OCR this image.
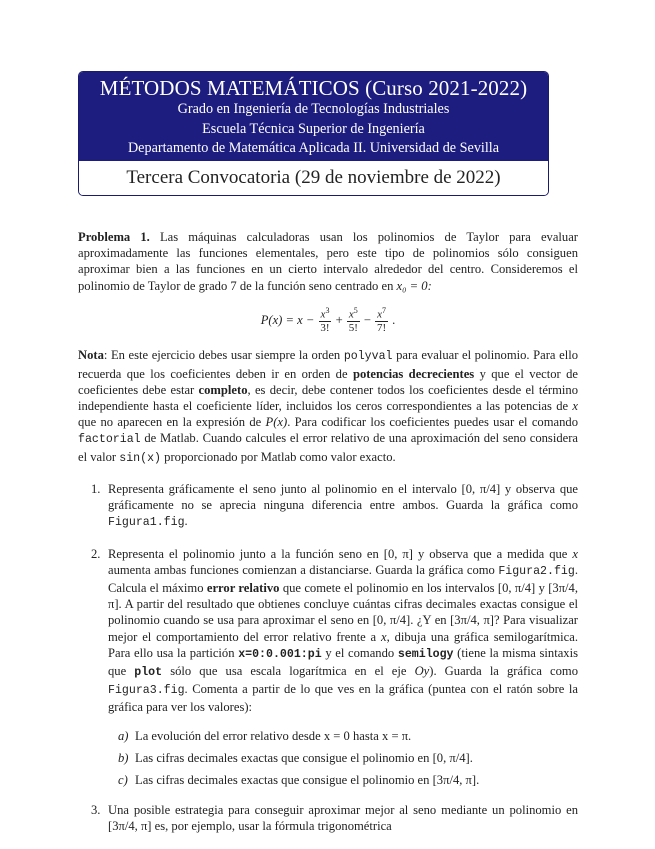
MÉTODOS MATEMÁTICOS (Curso 2021-2022)
Grado en Ingeniería de Tecnologías Industriales
Escuela Técnica Superior de Ingeniería
Departamento de Matemática Aplicada II. Universidad de Sevilla
Tercera Convocatoria (29 de noviembre de 2022)

Problema 1. Las máquinas calculadoras usan los polinomios de Taylor para evaluar aproximadamente las funciones elementales, pero este tipo de polinomios sólo consiguen aproximar bien a las funciones en un cierto intervalo alrededor del centro. Consideremos el polinomio de Taylor de grado 7 de la función seno centrado en x₀ = 0:

$P(x) = x - \frac{x^3}{3!} + \frac{x^5}{5!} - \frac{x^7}{7!}$ .

Nota: En este ejercicio debes usar siempre la orden polyval para evaluar el polinomio. Para ello recuerda que los coeficientes deben ir en orden de potencias decrecientes y que el vector de coeficientes debe estar completo, es decir, debe contener todos los coeficientes desde el término independiente hasta el coeficiente líder, incluidos los ceros correspondientes a las potencias de x que no aparecen en la expresión de P(x). Para codificar los coeficientes puedes usar el comando factorial de Matlab. Cuando calcules el error relativo de una aproximación del seno considera el valor sin(x) proporcionado por Matlab como valor exacto.

1. Representa gráficamente el seno junto al polinomio en el intervalo [0, π/4] y observa que gráficamente no se aprecia ninguna diferencia entre ambos. Guarda la gráfica como Figura1.fig.
2. Representa el polinomio junto a la función seno en [0, π] y observa que a medida que x aumenta ambas funciones comienzan a distanciarse. Guarda la gráfica como Figura2.fig. Calcula el máximo error relativo que comete el polinomio en los intervalos [0, π/4] y [3π/4, π]. A partir del resultado que obtienes concluye cuántas cifras decimales exactas consigue el polinomio cuando se usa para aproximar el seno en [0, π/4]. ¿Y en [3π/4, π]? Para visualizar mejor el comportamiento del error relativo frente a x, dibuja una gráfica semilogarítmica. Para ello usa la partición x=0:0.001:pi y el comando semilogy (tiene la misma sintaxis que plot sólo que usa escala logarítmica en el eje Oy). Guarda la gráfica como Figura3.fig. Comenta a partir de lo que ves en la gráfica (puntea con el ratón sobre la gráfica para ver los valores):
a) La evolución del error relativo desde x = 0 hasta x = π.
b) Las cifras decimales exactas que consigue el polinomio en [0, π/4].
c) Las cifras decimales exactas que consigue el polinomio en [3π/4, π].
3. Una posible estrategia para conseguir aproximar mejor al seno mediante un polinomio en [3π/4, π] es, por ejemplo, usar la fórmula trigonométrica
